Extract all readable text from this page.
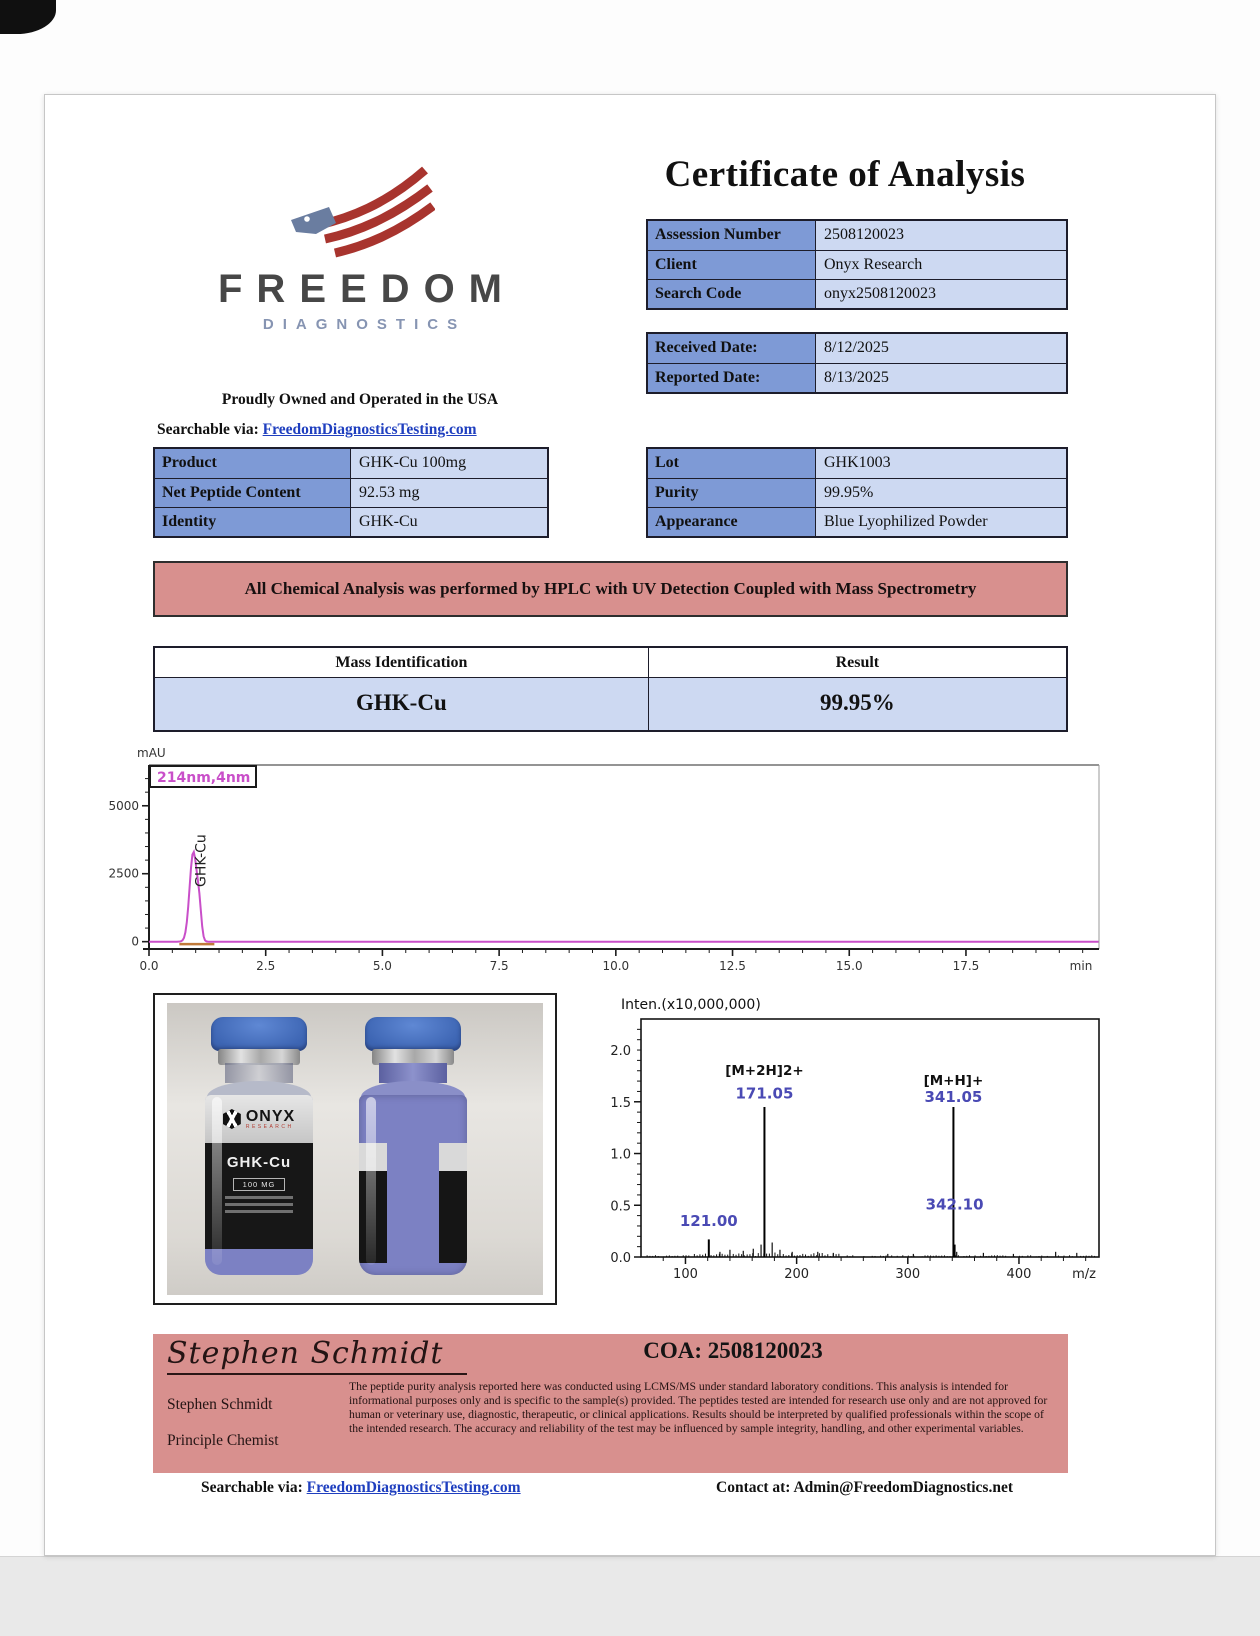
FREEDOM
DIAGNOSTICS
Proudly Owned and Operated in the USA
Searchable via: FreedomDiagnosticsTesting.com
Certificate of Analysis
Assession Number	2508120023
Client	Onyx Research
Search Code	onyx2508120023
Received Date:	8/12/2025
Reported Date:	8/13/2025
Product	GHK-Cu 100mg
Net Peptide Content	92.53 mg
Identity	GHK-Cu
Lot	GHK1003
Purity	99.95%
Appearance	Blue Lyophilized Powder
All Chemical Analysis was performed by HPLC with UV Detection Coupled with Mass Spectrometry
Mass Identification	Result
GHK-Cu	99.95%
0
2500
5000
0.0	2.5	5.0	7.5	10.0	12.5	15.0	17.5	min
mAU
214nm,4nm
GHK-Cu
ONYX
RESEARCH
GHK-Cu
100 MG
0.0
0.5
1.0
1.5
2.0
100	200	300	400	m/z
Inten.(x10,000,000)
121.00
171.05
[M+2H]2+
341.05
[M+H]+
342.10
Stephen Schmidt
Stephen Schmidt
Principle Chemist
COA: 2508120023
The peptide purity analysis reported here was conducted using LCMS/MS under standard laboratory conditions. This analysis is intended for informational purposes only and is specific to the sample(s) provided. The peptides tested are intended for research use only and are not approved for human or veterinary use, diagnostic, therapeutic, or clinical applications. Results should be interpreted by qualified professionals within the scope of the intended research. The accuracy and reliability of the test may be influenced by sample integrity, handling, and other experimental variables.
Searchable via: FreedomDiagnosticsTesting.com	Contact at: Admin@FreedomDiagnostics.net
